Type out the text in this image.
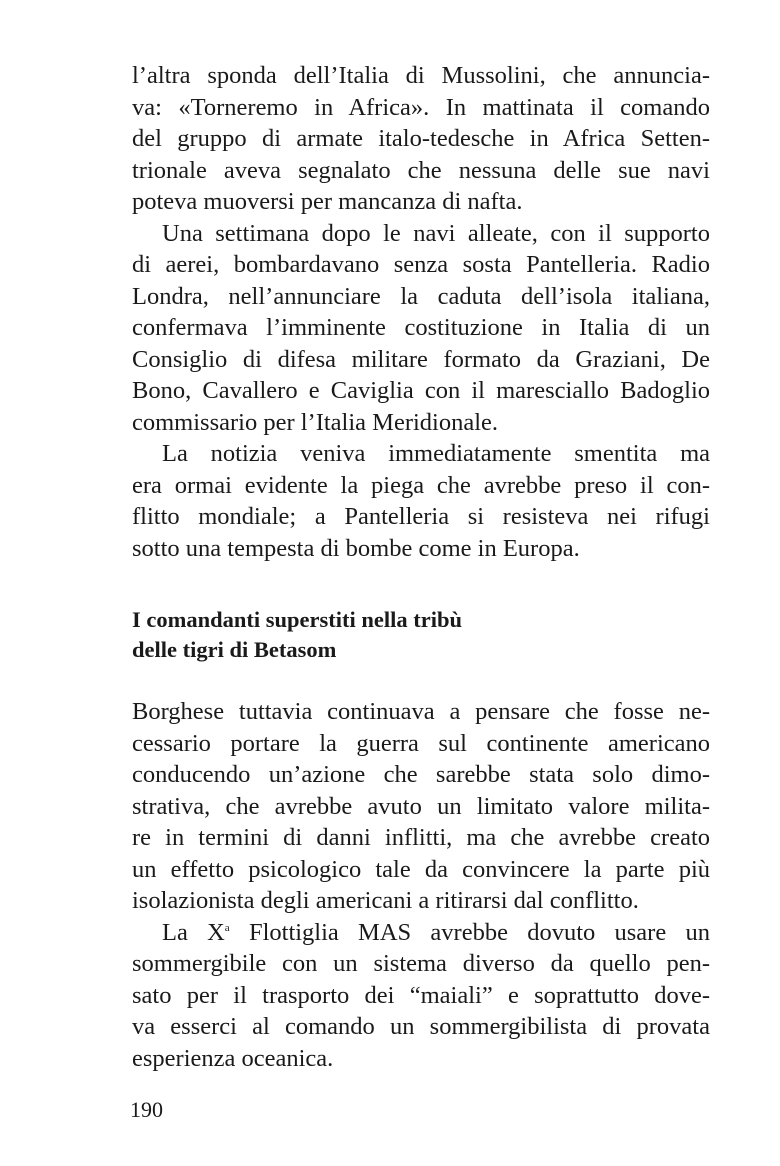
l’altra sponda dell’Italia di Mussolini, che annuncia-
va: «Torneremo in Africa». In mattinata il comando
del gruppo di armate italo-tedesche in Africa Setten-
trionale aveva segnalato che nessuna delle sue navi
poteva muoversi per mancanza di nafta.
Una settimana dopo le navi alleate, con il supporto
di aerei, bombardavano senza sosta Pantelleria. Radio
Londra, nell’annunciare la caduta dell’isola italiana,
confermava l’imminente costituzione in Italia di un
Consiglio di difesa militare formato da Graziani, De
Bono, Cavallero e Caviglia con il maresciallo Badoglio
commissario per l’Italia Meridionale.
La notizia veniva immediatamente smentita ma
era ormai evidente la piega che avrebbe preso il con-
flitto mondiale; a Pantelleria si resisteva nei rifugi
sotto una tempesta di bombe come in Europa.
I comandanti superstiti nella tribù
delle tigri di Betasom
Borghese tuttavia continuava a pensare che fosse ne-
cessario portare la guerra sul continente americano
conducendo un’azione che sarebbe stata solo dimo-
strativa, che avrebbe avuto un limitato valore milita-
re in termini di danni inflitti, ma che avrebbe creato
un effetto psicologico tale da convincere la parte più
isolazionista degli americani a ritirarsi dal conflitto.
La $X^a$ Flottiglia MAS avrebbe dovuto usare un
sommergibile con un sistema diverso da quello pen-
sato per il trasporto dei “maiali” e soprattutto dove-
va esserci al comando un sommergibilista di provata
esperienza oceanica.
190
